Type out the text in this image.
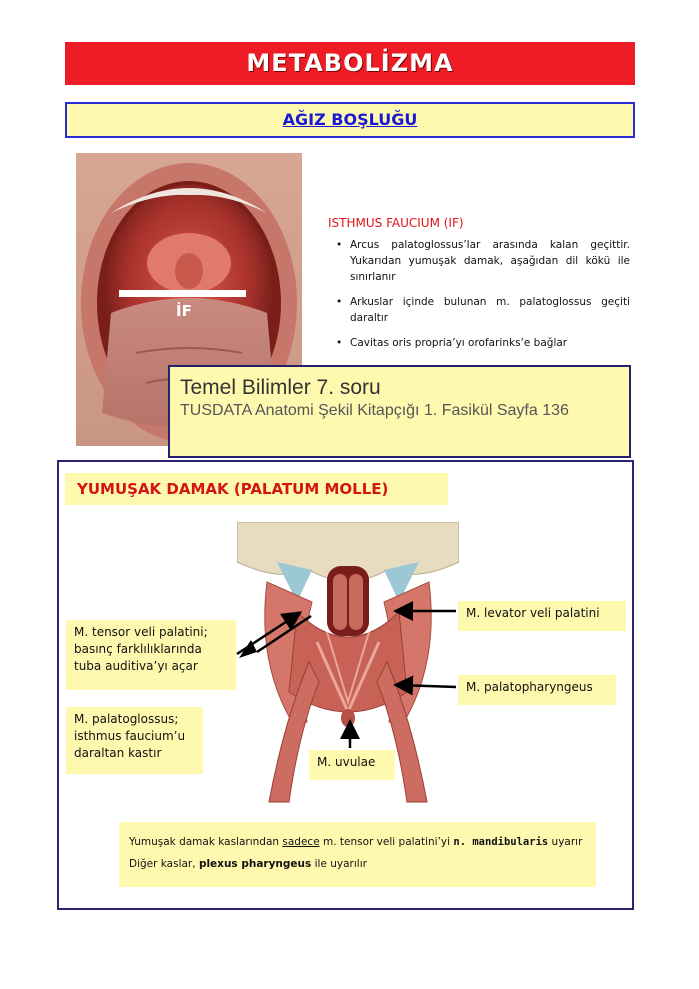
METABOLİZMA
AĞIZ BOŞLUĞU
İF
ISTHMUS FAUCIUM (IF)
• Arcus palatoglossus’lar arasında kalan geçittir. Yukarıdan yumuşak damak, aşağıdan dil kökü ile sınırlanır
• Arkuslar içinde bulunan m. palatoglossus geçiti daraltır
• Cavitas oris propria’yı orofarinks’e bağlar
YUMUŞAK DAMAK (PALATUM MOLLE)
M. levator veli palatini
M. palatopharyngeus
M. tensor veli palatini; basınç farklılıklarında tuba auditiva’yı açar
M. palatoglossus; isthmus faucium’u daraltan kastır
M. uvulae
Yumuşak damak kaslarından sadece m. tensor veli palatini’yi n. mandibularis uyarır
Diğer kaslar, plexus pharyngeus ile uyarılır
Temel Bilimler 7. soru
TUSDATA Anatomi Şekil Kitapçığı 1. Fasikül Sayfa 136
